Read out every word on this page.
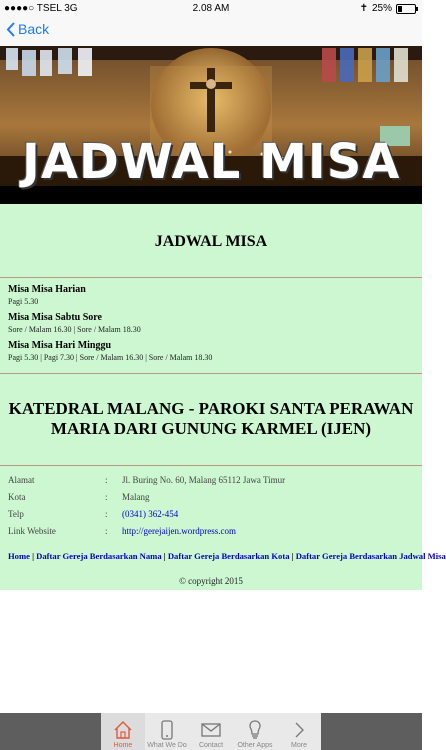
●●●●○ TSEL 3G	2.08 AM	✝ 25%
Back
JADWAL MISA
JADWAL MISA

Misa Misa Harian

Pagi 5.30

Misa Misa Sabtu Sore

Sore / Malam 16.30 | Sore / Malam 18.30

Misa Misa Hari Minggu

Pagi 5.30 | Pagi 7.30 | Sore / Malam 16.30 | Sore / Malam 18.30

KATEDRAL MALANG - PAROKI SANTA PERAWAN MARIA DARI GUNUNG KARMEL (IJEN)
Alamat	:	Jl. Buring No. 60, Malang 65112 Jawa Timur
Kota	:	Malang
Telp	:	(0341) 362-454
Link Website	:	http://gerejaijen.wordpress.com
Home | Daftar Gereja Berdasarkan Nama | Daftar Gereja Berdasarkan Kota | Daftar Gereja Berdasarkan Jadwal Misa
© copyright 2015
Home What We Do Contact Other Apps	More
